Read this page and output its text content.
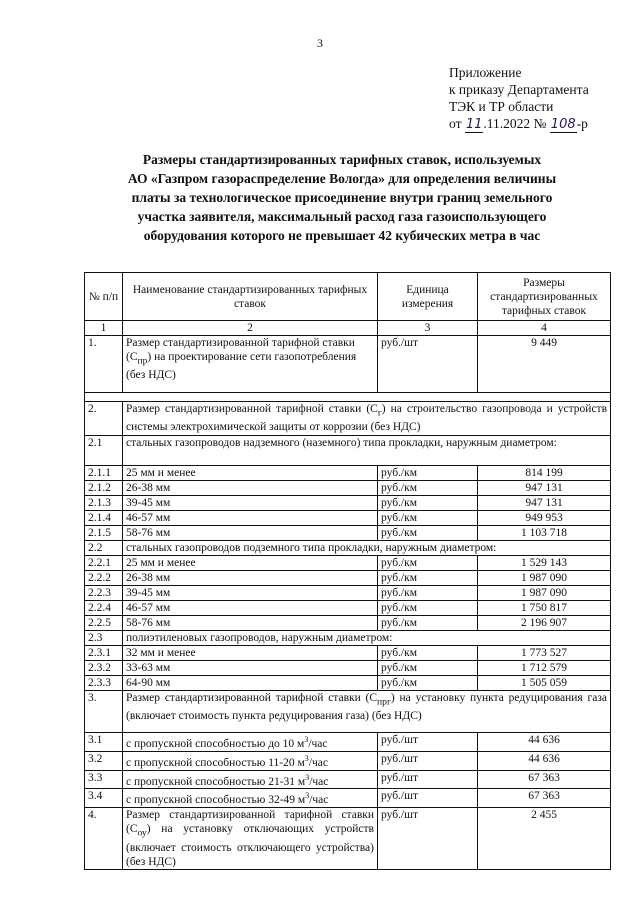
3
Приложение
к приказу Департамента
ТЭК и ТР области
от 11.11.2022 № 108-р
Размеры стандартизированных тарифных ставок, используемых
АО «Газпром газораспределение Вологда» для определения величины
платы за технологическое присоединение внутри границ земельного
участка заявителя, максимальный расход газа газоиспользующего
оборудования которого не превышает 42 кубических метра в час
№ п/п	Наименование стандартизированных тарифных ставок	Единица измерения	Размеры стандартизированных тарифных ставок
1	2	3	4
1.	Размер стандартизированной тарифной ставки $(С_{пр})$ на проектирование сети газопотребления (без НДС)	руб./шт	9 449

2.	Размер стандартизированной тарифной ставки $(С_г)$ на строительство газопровода и устройств системы электрохимической защиты от коррозии (без НДС)		
2.1	стальных газопроводов надземного (наземного) типа прокладки, наружным диаметром:		
2.1.1	25 мм и менее	руб./км	814 199
2.1.2	26-38 мм	руб./км	947 131
2.1.3	39-45 мм	руб./км	947 131
2.1.4	46-57 мм	руб./км	949 953
2.1.5	58-76 мм	руб./км	1 103 718
2.2	стальных газопроводов подземного типа прокладки, наружным диаметром:		
2.2.1	25 мм и менее	руб./км	1 529 143
2.2.2	26-38 мм	руб./км	1 987 090
2.2.3	39-45 мм	руб./км	1 987 090
2.2.4	46-57 мм	руб./км	1 750 817
2.2.5	58-76 мм	руб./км	2 196 907
2.3	полиэтиленовых газопроводов, наружным диаметром:		
2.3.1	32 мм и менее	руб./км	1 773 527
2.3.2	33-63 мм	руб./км	1 712 579
2.3.3	64-90 мм	руб./км	1 505 059
3.	Размер стандартизированной тарифной ставки $(С_{прг})$ на установку пункта редуцирования газа (включает стоимость пункта редуцирования газа) (без НДС)		
3.1	с пропускной способностью до 10 $м^3$/час	руб./шт	44 636
3.2	с пропускной способностью 11-20 $м^3$/час	руб./шт	44 636
3.3	с пропускной способностью 21-31 $м^3$/час	руб./шт	67 363
3.4	с пропускной способностью 32-49 $м^3$/час	руб./шт	67 363
4.	Размер стандартизированной тарифной ставки $(С_{оу})$ на установку отключающих устройств (включает стоимость отключающего устройства) (без НДС)	руб./шт	2 455
